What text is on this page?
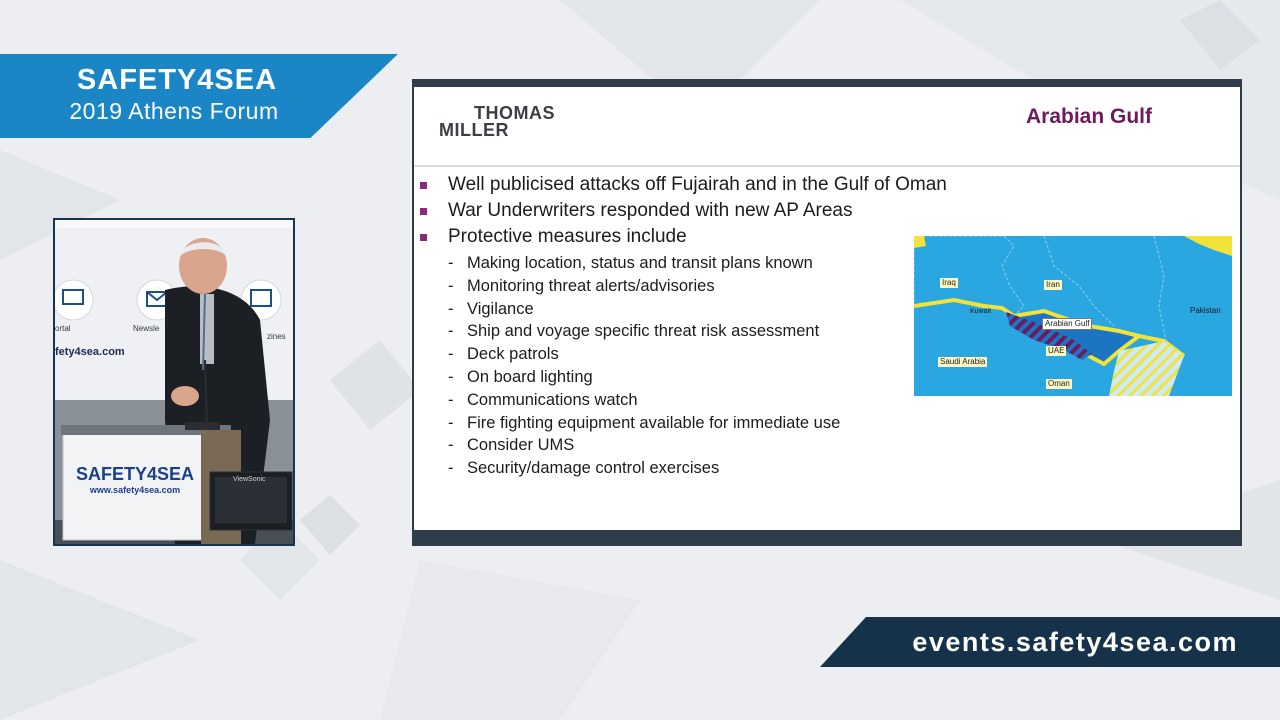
SAFETY4SEA
2019 Athens Forum
fety4sea.com
ortal	Newsle
zines
SAFETY4SEA
www.safety4sea.com
ViewSonic
THOMAS
MILLER
Arabian Gulf
Well publicised attacks off Fujairah and in the Gulf of Oman
War Underwriters responded with new AP Areas
Protective measures include
- Making location, status and transit plans known
- Monitoring threat alerts/advisories
- Vigilance
- Ship and voyage specific threat risk assessment
- Deck patrols
- On board lighting
- Communications watch
- Fire fighting equipment available for immediate use
- Consider UMS
- Security/damage control exercises
Iraq	Iran
Kuwait	Pakistan
Arabian Gulf
Saudi Arabia
UAE
Oman
events.safety4sea.com
